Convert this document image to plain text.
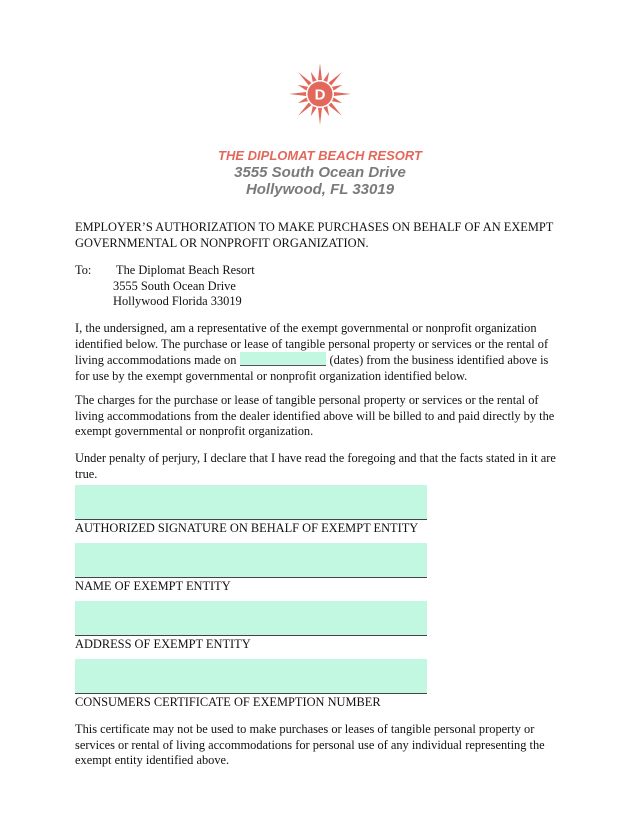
D
THE DIPLOMAT BEACH RESORT
3555 South Ocean Drive
Hollywood, FL 33019
EMPLOYER’S AUTHORIZATION TO MAKE PURCHASES ON BEHALF OF AN EXEMPT GOVERNMENTAL OR NONPROFIT ORGANIZATION.
To: The Diplomat Beach Resort
3555 South Ocean Drive
Hollywood Florida 33019
I, the undersigned, am a representative of the exempt governmental or nonprofit organization identified below. The purchase or lease of tangible personal property or services or the rental of living accommodations made on	(dates) from the business identified above is for use by the exempt governmental or nonprofit organization identified below.
The charges for the purchase or lease of tangible personal property or services or the rental of living accommodations from the dealer identified above will be billed to and paid directly by the exempt governmental or nonprofit organization.
Under penalty of perjury, I declare that I have read the foregoing and that the facts stated in it are true.
AUTHORIZED SIGNATURE ON BEHALF OF EXEMPT ENTITY
NAME OF EXEMPT ENTITY
ADDRESS OF EXEMPT ENTITY
CONSUMERS CERTIFICATE OF EXEMPTION NUMBER
This certificate may not be used to make purchases or leases of tangible personal property or services or rental of living accommodations for personal use of any individual representing the exempt entity identified above.
